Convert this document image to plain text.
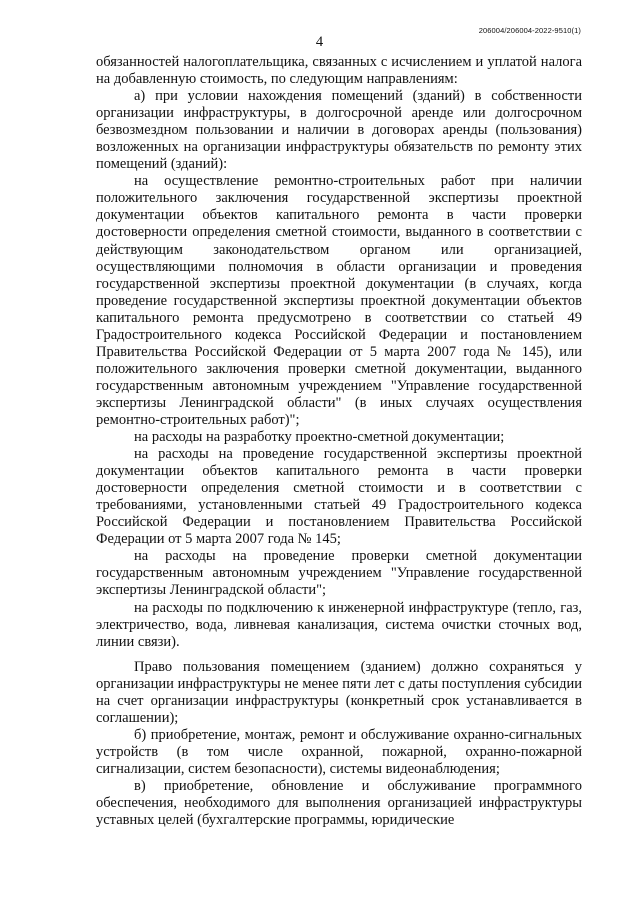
206004/206004-2022-9510(1)
4

обязанностей налогоплательщика, связанных с исчислением и уплатой налога на добавленную стоимость, по следующим направлениям:

а) при условии нахождения помещений (зданий) в собственности организации инфраструктуры, в долгосрочной аренде или долгосрочном безвозмездном пользовании и наличии в договорах аренды (пользования) возложенных на организации инфраструктуры обязательств по ремонту этих помещений (зданий):

на осуществление ремонтно-строительных работ при наличии положительного заключения государственной экспертизы проектной документации объектов капитального ремонта в части проверки достоверности определения сметной стоимости, выданного в соответствии с действующим законодательством органом или организацией, осуществляющими полномочия в области организации и проведения государственной экспертизы проектной документации (в случаях, когда проведение государственной экспертизы проектной документации объектов капитального ремонта предусмотрено в соответствии со статьей 49 Градостроительного кодекса Российской Федерации и постановлением Правительства Российской Федерации от 5 марта 2007 года № 145), или положительного заключения проверки сметной документации, выданного государственным автономным учреждением "Управление государственной экспертизы Ленинградской области" (в иных случаях осуществления ремонтно-строительных работ)";

на расходы на разработку проектно-сметной документации;

на расходы на проведение государственной экспертизы проектной документации объектов капитального ремонта в части проверки достоверности определения сметной стоимости и в соответствии с требованиями, установленными статьей 49 Градостроительного кодекса Российской Федерации и постановлением Правительства Российской Федерации от 5 марта 2007 года № 145;

на расходы на проведение проверки сметной документации государственным автономным учреждением "Управление государственной экспертизы Ленинградской области";

на расходы по подключению к инженерной инфраструктуре (тепло, газ, электричество, вода, ливневая канализация, система очистки сточных вод, линии связи).

Право пользования помещением (зданием) должно сохраняться у организации инфраструктуры не менее пяти лет с даты поступления субсидии на счет организации инфраструктуры (конкретный срок устанавливается в соглашении);

б) приобретение, монтаж, ремонт и обслуживание охранно-сигнальных устройств (в том числе охранной, пожарной, охранно-пожарной сигнализации, систем безопасности), системы видеонаблюдения;

в) приобретение, обновление и обслуживание программного обеспечения, необходимого для выполнения организацией инфраструктуры уставных целей (бухгалтерские программы, юридические
